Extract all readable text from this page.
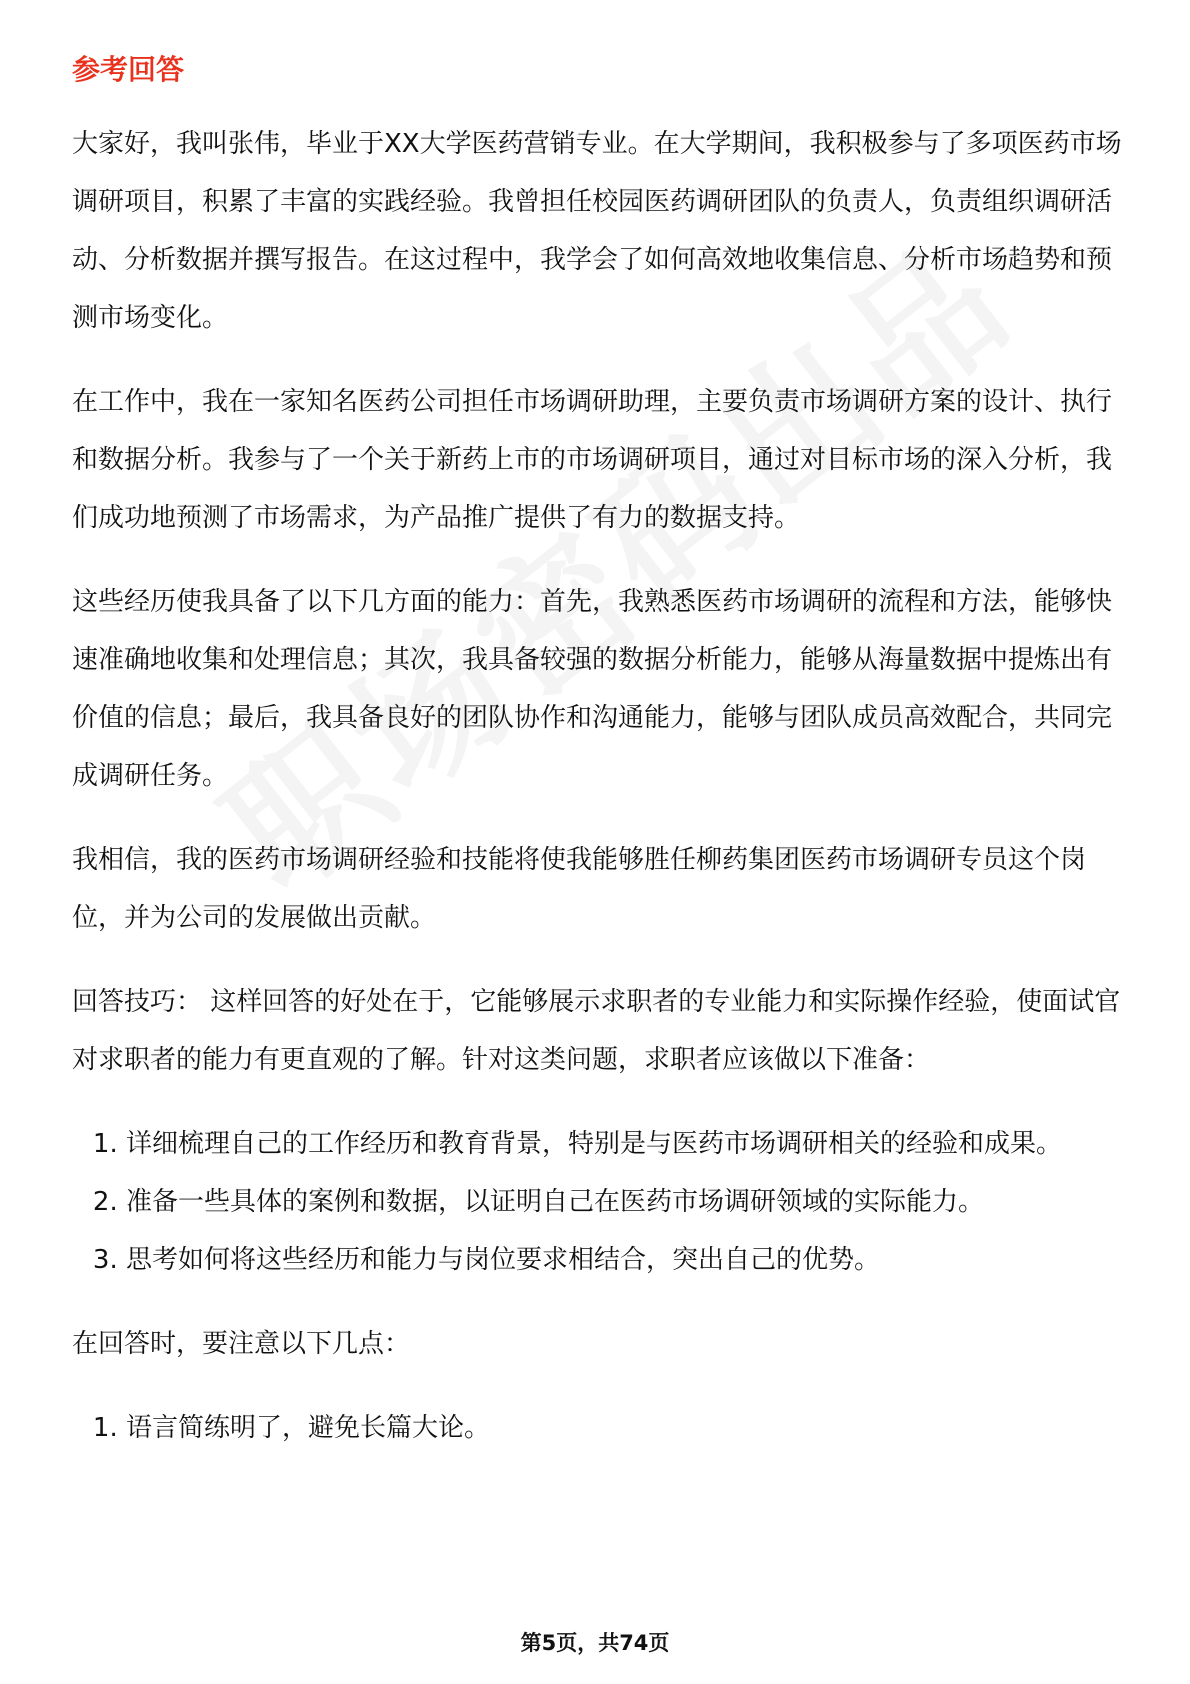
参考回答

大家好，我叫张伟，毕业于XX大学医药营销专业。在大学期间，我积极参与了多项医药市场调研项目，积累了丰富的实践经验。我曾担任校园医药调研团队的负责人，负责组织调研活动、分析数据并撰写报告。在这过程中，我学会了如何高效地收集信息、分析市场趋势和预测市场变化。

在工作中，我在一家知名医药公司担任市场调研助理，主要负责市场调研方案的设计、执行和数据分析。我参与了一个关于新药上市的市场调研项目，通过对目标市场的深入分析，我们成功地预测了市场需求，为产品推广提供了有力的数据支持。

这些经历使我具备了以下几方面的能力：首先，我熟悉医药市场调研的流程和方法，能够快速准确地收集和处理信息；其次，我具备较强的数据分析能力，能够从海量数据中提炼出有价值的信息；最后，我具备良好的团队协作和沟通能力，能够与团队成员高效配合，共同完成调研任务。

我相信，我的医药市场调研经验和技能将使我能够胜任柳药集团医药市场调研专员这个岗位，并为公司的发展做出贡献。

回答技巧： 这样回答的好处在于，它能够展示求职者的专业能力和实际操作经验，使面试官对求职者的能力有更直观的了解。针对这类问题，求职者应该做以下准备：

1. 详细梳理自己的工作经历和教育背景，特别是与医药市场调研相关的经验和成果。
2. 准备一些具体的案例和数据，以证明自己在医药市场调研领域的实际能力。
3. 思考如何将这些经历和能力与岗位要求相结合，突出自己的优势。

在回答时，要注意以下几点：

1. 语言简练明了，避免长篇大论。
第5页，共74页
